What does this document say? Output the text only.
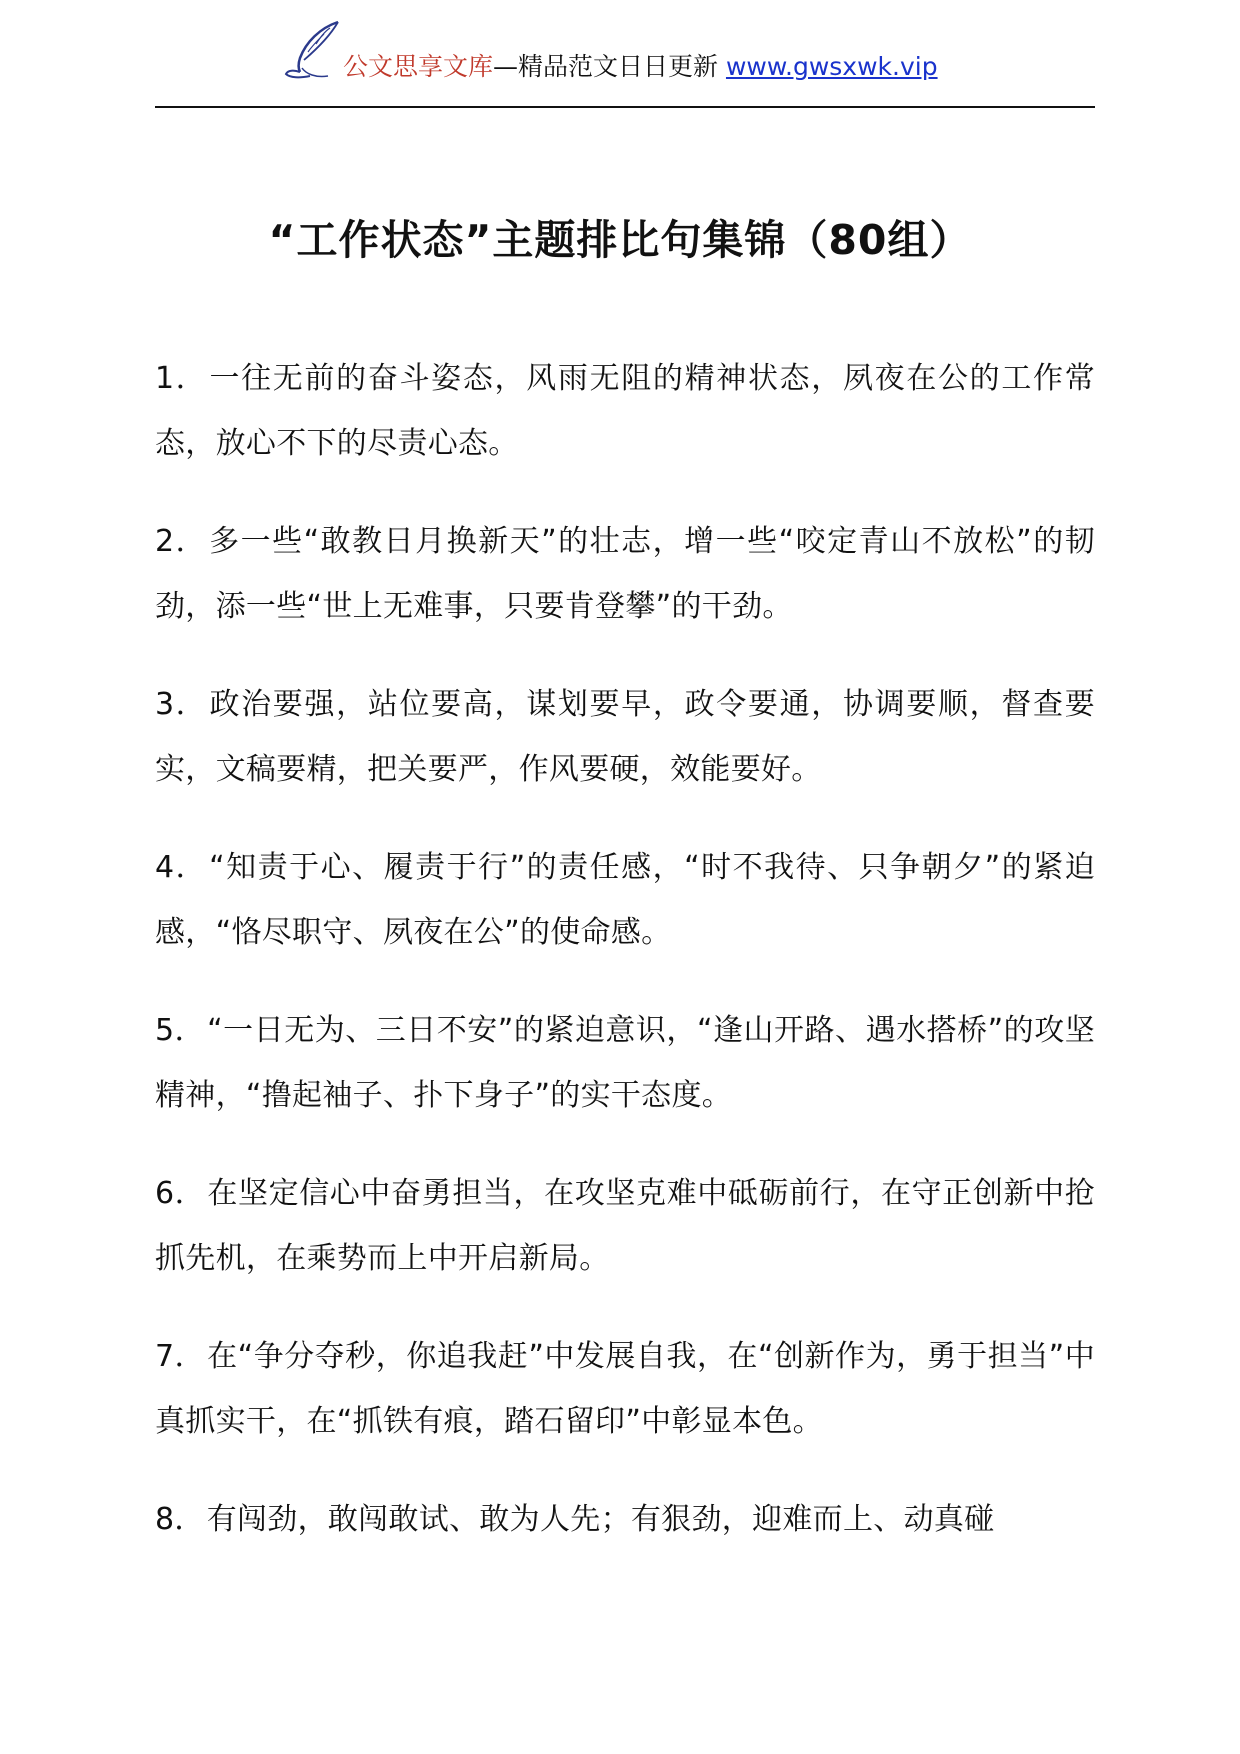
公文思享文库—精品范文日日更新 www.gwsxwk.vip
“工作状态”主题排比句集锦（80组）

1．一往无前的奋斗姿态，风雨无阻的精神状态，夙夜在公的工作常态，放心不下的尽责心态。

2．多一些“敢教日月换新天”的壮志，增一些“咬定青山不放松”的韧劲，添一些“世上无难事，只要肯登攀”的干劲。

3．政治要强，站位要高，谋划要早，政令要通，协调要顺，督查要实，文稿要精，把关要严，作风要硬，效能要好。

4．“知责于心、履责于行”的责任感，“时不我待、只争朝夕”的紧迫感，“恪尽职守、夙夜在公”的使命感。

5．“一日无为、三日不安”的紧迫意识，“逢山开路、遇水搭桥”的攻坚精神，“撸起袖子、扑下身子”的实干态度。

6．在坚定信心中奋勇担当，在攻坚克难中砥砺前行，在守正创新中抢抓先机，在乘势而上中开启新局。

7．在“争分夺秒，你追我赶”中发展自我，在“创新作为，勇于担当”中真抓实干，在“抓铁有痕，踏石留印”中彰显本色。

8．有闯劲，敢闯敢试、敢为人先；有狠劲，迎难而上、动真碰
